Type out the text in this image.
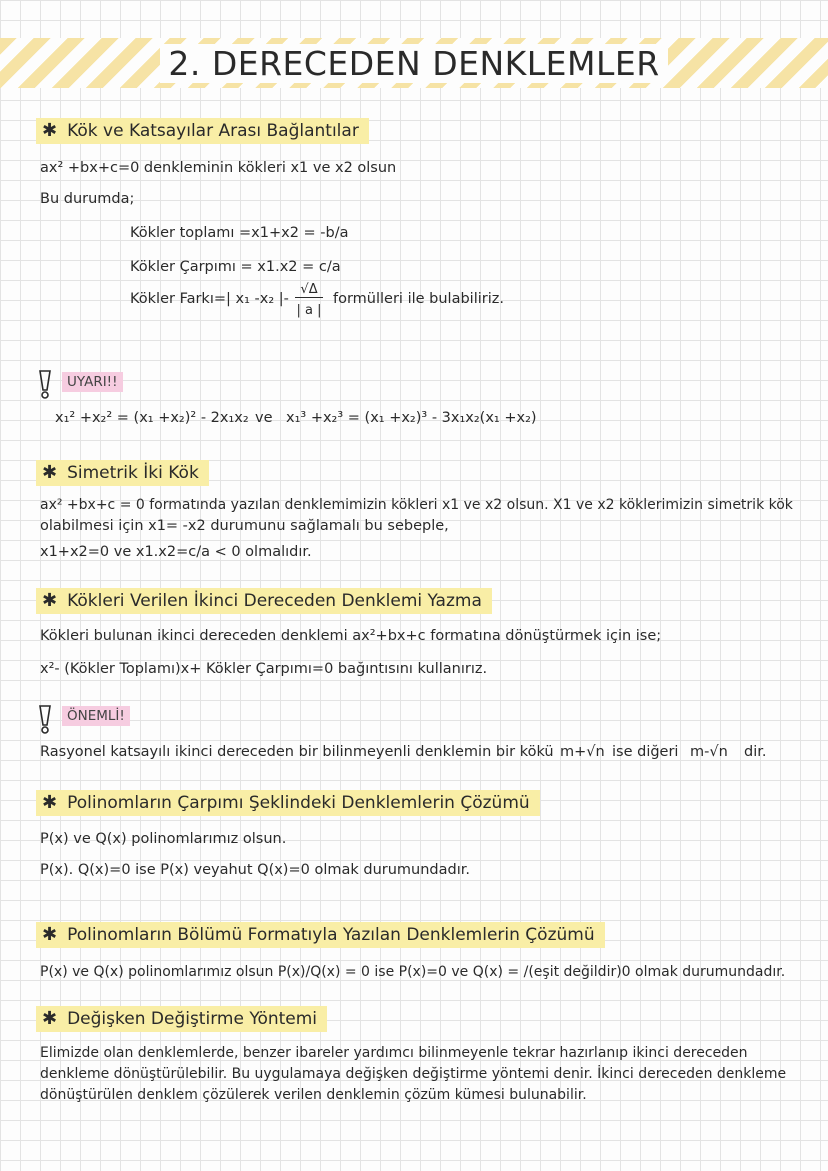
2. DERECEDEN DENKLEMLER
✱ Kök ve Katsayılar Arası Bağlantılar
ax² +bx+c=0 denkleminin kökleri x1 ve x2 olsun
Bu durumda;
Kökler toplamı =x1+x2 = -b/a
Kökler Çarpımı = x1.x2 = c/a
Kökler Farkı=| x₁ -x₂ |-
√Δ
| a |
formülleri ile bulabiliriz.
UYARI!!
x₁² +x₂² = (x₁ +x₂)² - 2x₁x₂ ve x₁³ +x₂³ = (x₁ +x₂)³ - 3x₁x₂(x₁ +x₂)
✱ Simetrik İki Kök
ax² +bx+c = 0 formatında yazılan denklemimizin kökleri x1 ve x2 olsun. X1 ve x2 köklerimizin simetrik kök
olabilmesi için x1= -x2 durumunu sağlamalı bu sebeple,
x1+x2=0 ve x1.x2=c/a < 0 olmalıdır.
✱ Kökleri Verilen İkinci Dereceden Denklemi Yazma
Kökleri bulunan ikinci dereceden denklemi ax²+bx+c formatına dönüştürmek için ise;
x²- (Kökler Toplamı)x+ Kökler Çarpımı=0 bağıntısını kullanırız.
ÖNEMLİ!
Rasyonel katsayılı ikinci dereceden bir bilinmeyenli denklemin bir kökü m+√n ise diğeri m-√n dir.
✱ Polinomların Çarpımı Şeklindeki Denklemlerin Çözümü
P(x) ve Q(x) polinomlarımız olsun.
P(x). Q(x)=0 ise P(x) veyahut Q(x)=0 olmak durumundadır.
✱ Polinomların Bölümü Formatıyla Yazılan Denklemlerin Çözümü
P(x) ve Q(x) polinomlarımız olsun P(x)/Q(x) = 0 ise P(x)=0 ve Q(x) = /(eşit değildir)0 olmak durumundadır.
✱ Değişken Değiştirme Yöntemi
Elimizde olan denklemlerde, benzer ibareler yardımcı bilinmeyenle tekrar hazırlanıp ikinci dereceden
denkleme dönüştürülebilir. Bu uygulamaya değişken değiştirme yöntemi denir. İkinci dereceden denkleme
dönüştürülen denklem çözülerek verilen denklemin çözüm kümesi bulunabilir.
